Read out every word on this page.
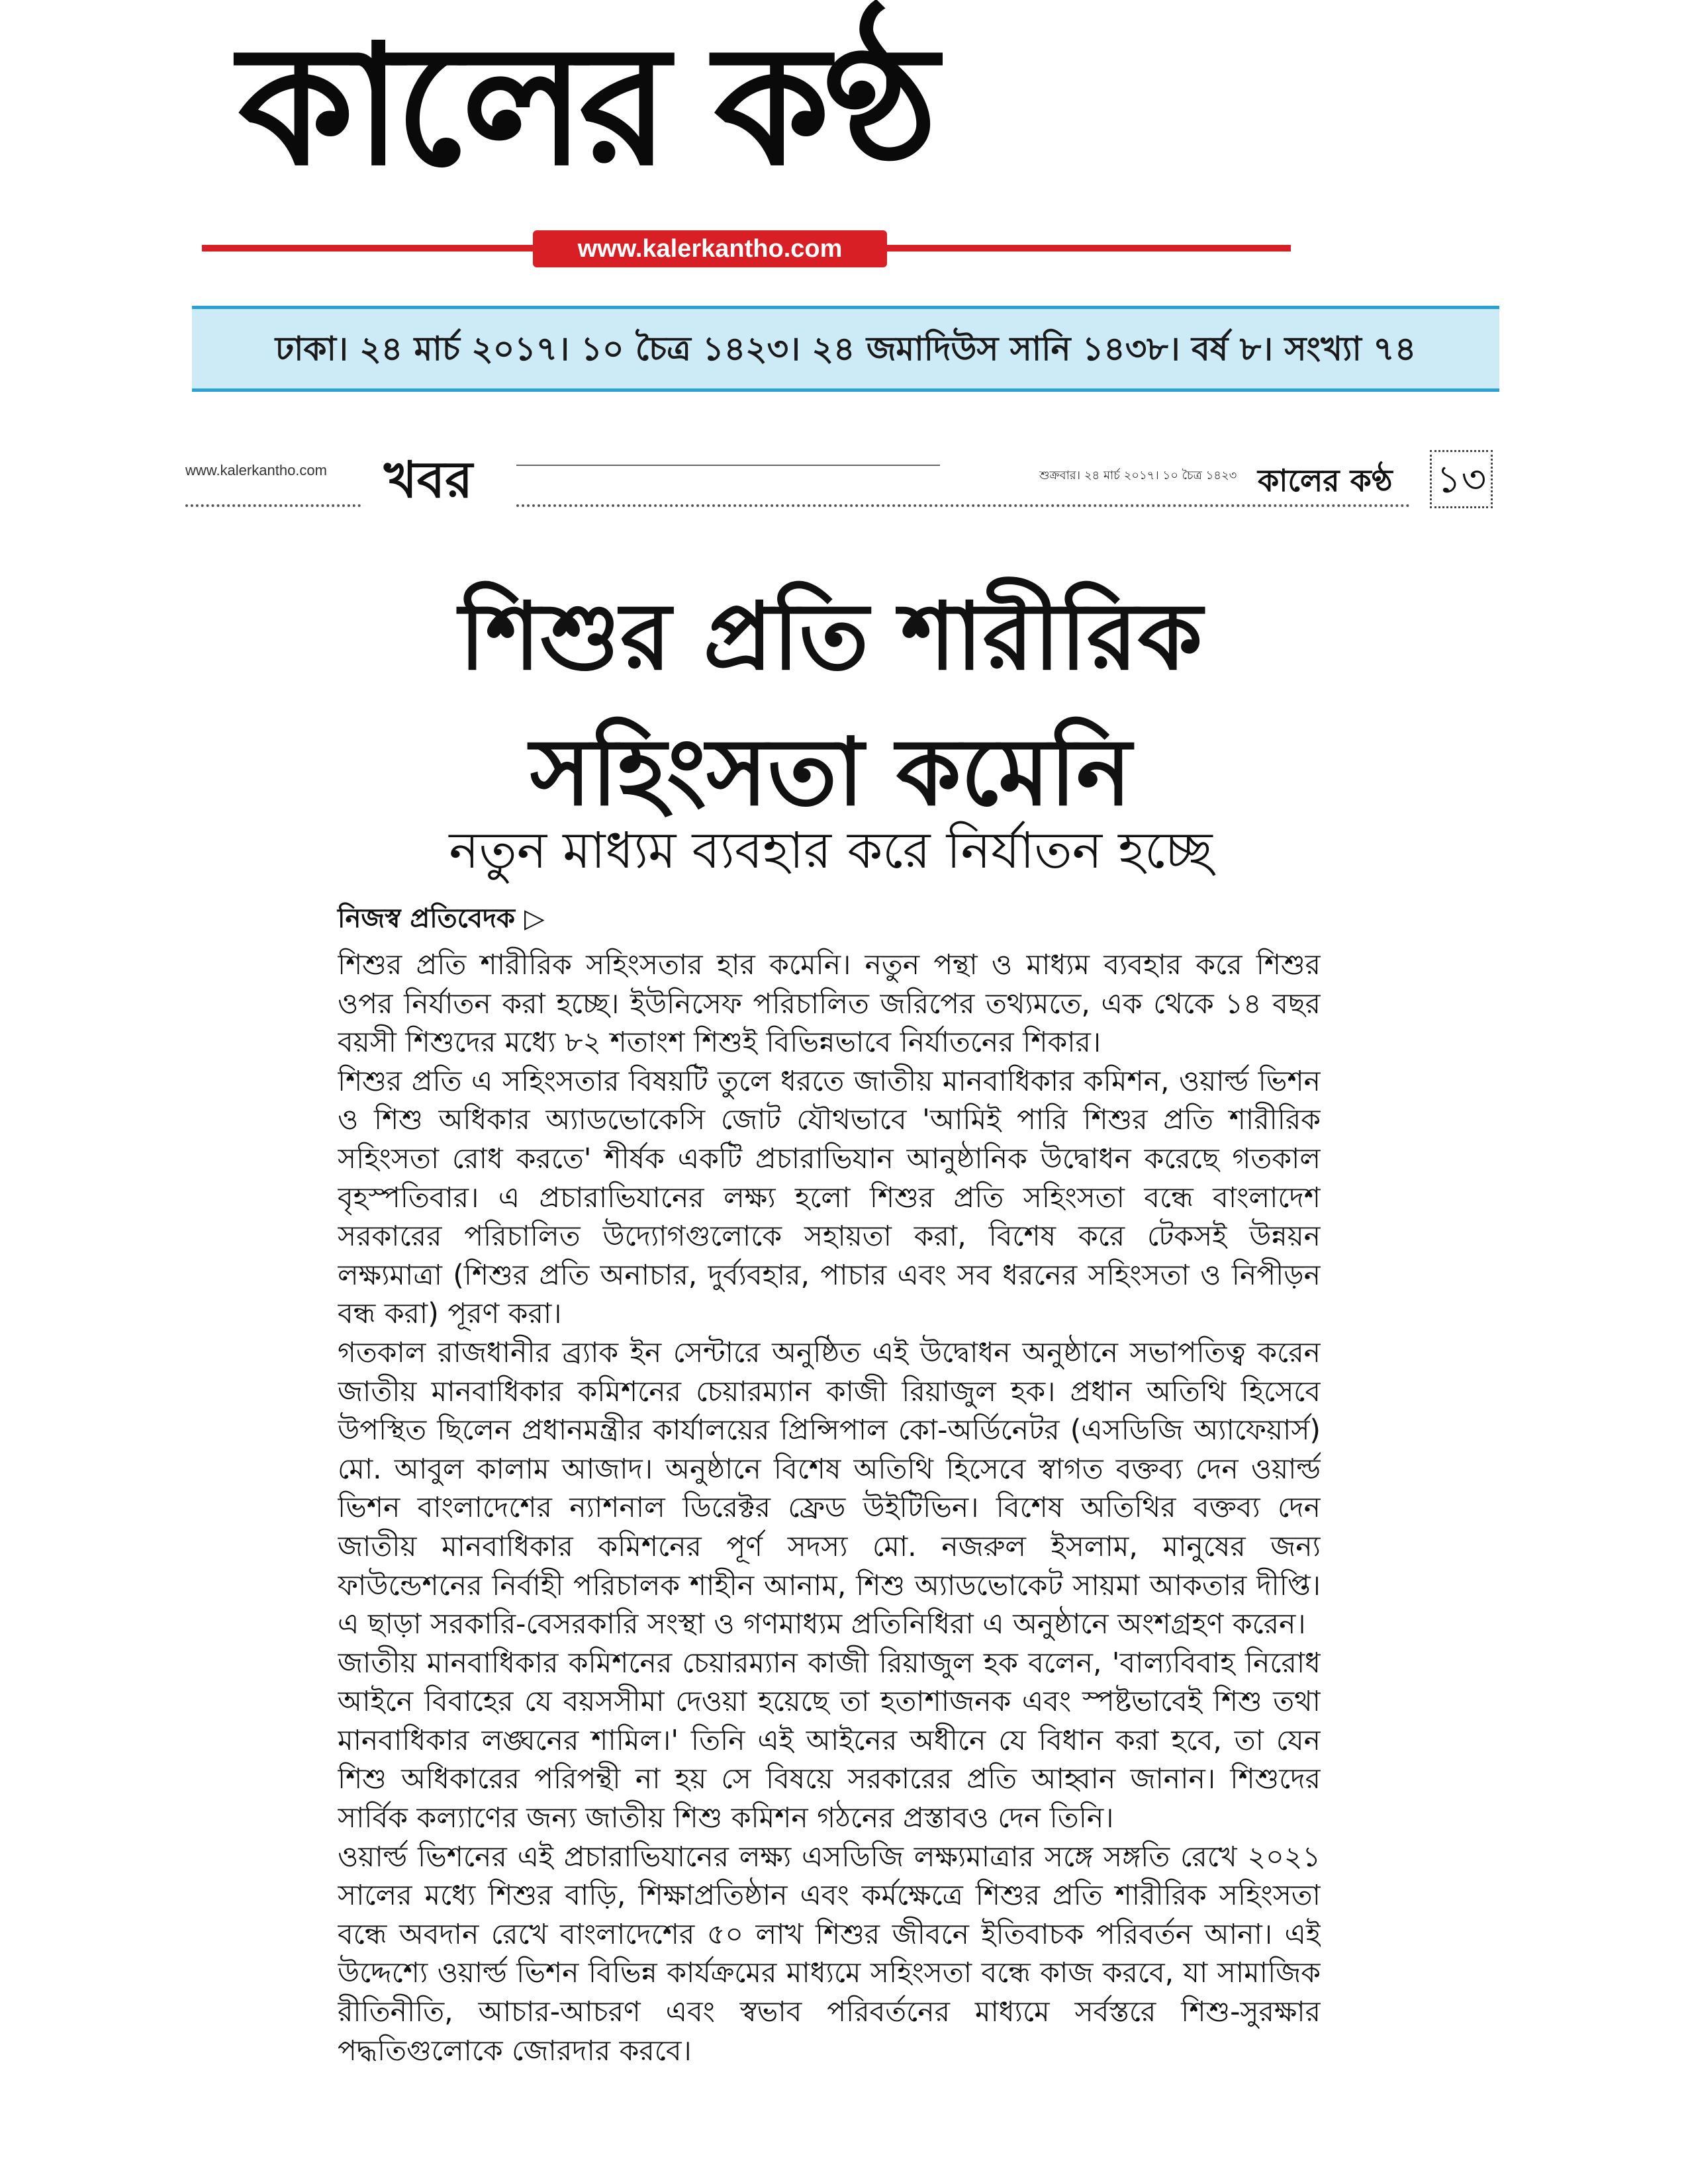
কালের কণ্ঠ
www.kalerkantho.com
ঢাকা। ২৪ মার্চ ২০১৭। ১০ চৈত্র ১৪২৩। ২৪ জমাদিউস সানি ১৪৩৮। বর্ষ ৮। সংখ্যা ৭৪
www.kalerkantho.com খবর	শুক্রবার। ২৪ মার্চ ২০১৭। ১০ চৈত্র ১৪২৩ কালের কণ্ঠ ১৩
শিশুর প্রতি শারীরিক
সহিংসতা কমেনি
নতুন মাধ্যম ব্যবহার করে নির্যাতন হচ্ছে
নিজস্ব প্রতিবেদক ▷

শিশুর প্রতি শারীরিক সহিংসতার হার কমেনি। নতুন পন্থা ও মাধ্যম ব্যবহার করে শিশুর ওপর নির্যাতন করা হচ্ছে। ইউনিসেফ পরিচালিত জরিপের তথ্যমতে, এক থেকে ১৪ বছর বয়সী শিশুদের মধ্যে ৮২ শতাংশ শিশুই বিভিন্নভাবে নির্যাতনের শিকার।

শিশুর প্রতি এ সহিংসতার বিষয়টি তুলে ধরতে জাতীয় মানবাধিকার কমিশন, ওয়ার্ল্ড ভিশন ও শিশু অধিকার অ্যাডভোকেসি জোট যৌথভাবে 'আমিই পারি শিশুর প্রতি শারীরিক সহিংসতা রোধ করতে' শীর্ষক একটি প্রচারাভিযান আনুষ্ঠানিক উদ্বোধন করেছে গতকাল বৃহস্পতিবার। এ প্রচারাভিযানের লক্ষ্য হলো শিশুর প্রতি সহিংসতা বন্ধে বাংলাদেশ সরকারের পরিচালিত উদ্যোগগুলোকে সহায়তা করা, বিশেষ করে টেকসই উন্নয়ন লক্ষ্যমাত্রা (শিশুর প্রতি অনাচার, দুর্ব্যবহার, পাচার এবং সব ধরনের সহিংসতা ও নিপীড়ন বন্ধ করা) পূরণ করা।

গতকাল রাজধানীর ব্র্যাক ইন সেন্টারে অনুষ্ঠিত এই উদ্বোধন অনুষ্ঠানে সভাপতিত্ব করেন জাতীয় মানবাধিকার কমিশনের চেয়ারম্যান কাজী রিয়াজুল হক। প্রধান অতিথি হিসেবে উপস্থিত ছিলেন প্রধানমন্ত্রীর কার্যালয়ের প্রিন্সিপাল কো-অর্ডিনেটর (এসডিজি অ্যাফেয়ার্স) মো. আবুল কালাম আজাদ। অনুষ্ঠানে বিশেষ অতিথি হিসেবে স্বাগত বক্তব্য দেন ওয়ার্ল্ড ভিশন বাংলাদেশের ন্যাশনাল ডিরেক্টর ফ্রেড উইটিভিন। বিশেষ অতিথির বক্তব্য দেন জাতীয় মানবাধিকার কমিশনের পূর্ণ সদস্য মো. নজরুল ইসলাম, মানুষের জন্য ফাউন্ডেশনের নির্বাহী পরিচালক শাহীন আনাম, শিশু অ্যাডভোকেট সায়মা আকতার দীপ্তি। এ ছাড়া সরকারি-বেসরকারি সংস্থা ও গণমাধ্যম প্রতিনিধিরা এ অনুষ্ঠানে অংশগ্রহণ করেন।

জাতীয় মানবাধিকার কমিশনের চেয়ারম্যান কাজী রিয়াজুল হক বলেন, 'বাল্যবিবাহ নিরোধ আইনে বিবাহের যে বয়সসীমা দেওয়া হয়েছে তা হতাশাজনক এবং স্পষ্টভাবেই শিশু তথা মানবাধিকার লঙ্ঘনের শামিল।' তিনি এই আইনের অধীনে যে বিধান করা হবে, তা যেন শিশু অধিকারের পরিপন্থী না হয় সে বিষয়ে সরকারের প্রতি আহ্বান জানান। শিশুদের সার্বিক কল্যাণের জন্য জাতীয় শিশু কমিশন গঠনের প্রস্তাবও দেন তিনি।

ওয়ার্ল্ড ভিশনের এই প্রচারাভিযানের লক্ষ্য এসডিজি লক্ষ্যমাত্রার সঙ্গে সঙ্গতি রেখে ২০২১ সালের মধ্যে শিশুর বাড়ি, শিক্ষাপ্রতিষ্ঠান এবং কর্মক্ষেত্রে শিশুর প্রতি শারীরিক সহিংসতা বন্ধে অবদান রেখে বাংলাদেশের ৫০ লাখ শিশুর জীবনে ইতিবাচক পরিবর্তন আনা। এই উদ্দেশ্যে ওয়ার্ল্ড ভিশন বিভিন্ন কার্যক্রমের মাধ্যমে সহিংসতা বন্ধে কাজ করবে, যা সামাজিক রীতিনীতি, আচার-আচরণ এবং স্বভাব পরিবর্তনের মাধ্যমে সর্বস্তরে শিশু-সুরক্ষার পদ্ধতিগুলোকে জোরদার করবে।
